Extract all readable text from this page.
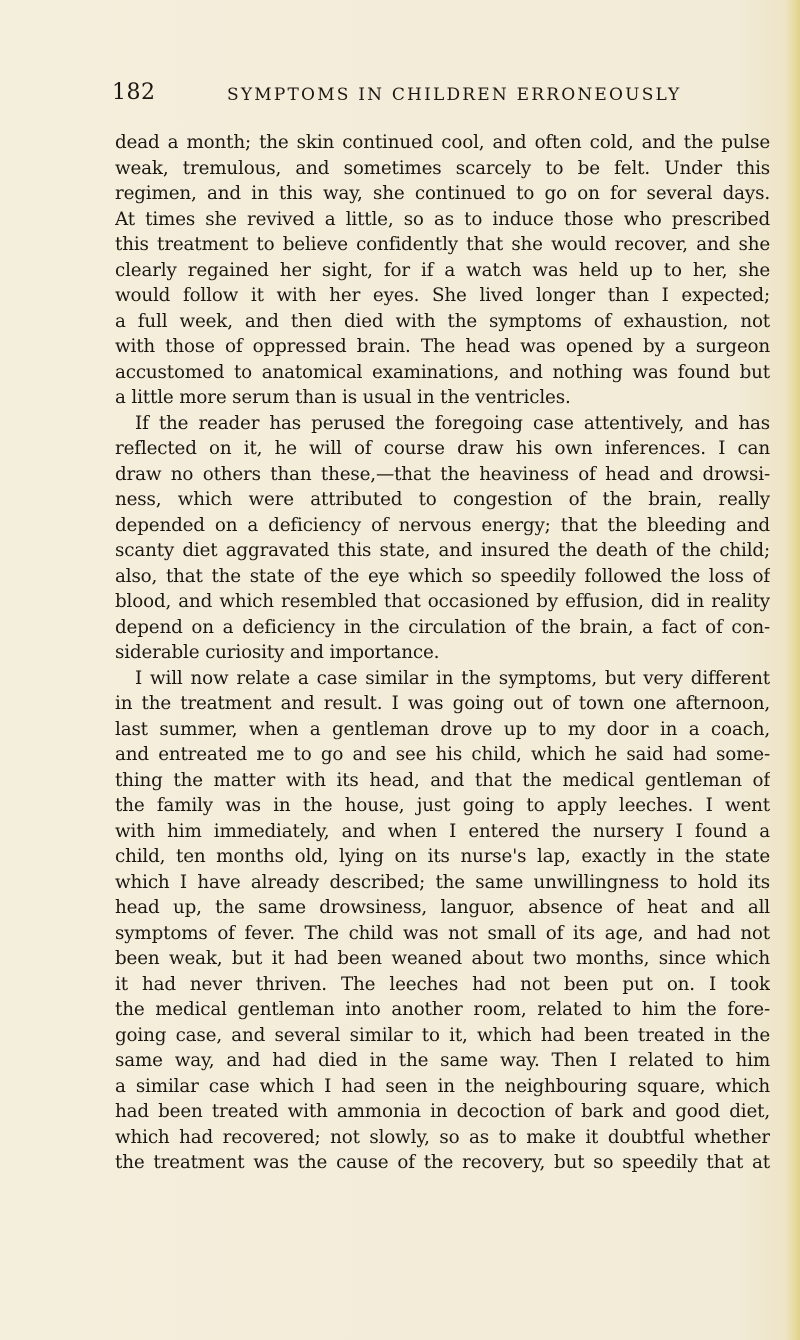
182	SYMPTOMS IN CHILDREN ERRONEOUSLY
dead a month; the skin continued cool, and often cold, and the pulse
weak, tremulous, and sometimes scarcely to be felt. Under this
regimen, and in this way, she continued to go on for several days.
At times she revived a little, so as to induce those who prescribed
this treatment to believe confidently that she would recover, and she
clearly regained her sight, for if a watch was held up to her, she
would follow it with her eyes. She lived longer than I expected;
a full week, and then died with the symptoms of exhaustion, not
with those of oppressed brain. The head was opened by a surgeon
accustomed to anatomical examinations, and nothing was found but
a little more serum than is usual in the ventricles.
If the reader has perused the foregoing case attentively, and has
reflected on it, he will of course draw his own inferences. I can
draw no others than these,—that the heaviness of head and drowsi-
ness, which were attributed to congestion of the brain, really
depended on a deficiency of nervous energy; that the bleeding and
scanty diet aggravated this state, and insured the death of the child;
also, that the state of the eye which so speedily followed the loss of
blood, and which resembled that occasioned by effusion, did in reality
depend on a deficiency in the circulation of the brain, a fact of con-
siderable curiosity and importance.
I will now relate a case similar in the symptoms, but very different
in the treatment and result. I was going out of town one afternoon,
last summer, when a gentleman drove up to my door in a coach,
and entreated me to go and see his child, which he said had some-
thing the matter with its head, and that the medical gentleman of
the family was in the house, just going to apply leeches. I went
with him immediately, and when I entered the nursery I found a
child, ten months old, lying on its nurse's lap, exactly in the state
which I have already described; the same unwillingness to hold its
head up, the same drowsiness, languor, absence of heat and all
symptoms of fever. The child was not small of its age, and had not
been weak, but it had been weaned about two months, since which
it had never thriven. The leeches had not been put on. I took
the medical gentleman into another room, related to him the fore-
going case, and several similar to it, which had been treated in the
same way, and had died in the same way. Then I related to him
a similar case which I had seen in the neighbouring square, which
had been treated with ammonia in decoction of bark and good diet,
which had recovered; not slowly, so as to make it doubtful whether
the treatment was the cause of the recovery, but so speedily that at
